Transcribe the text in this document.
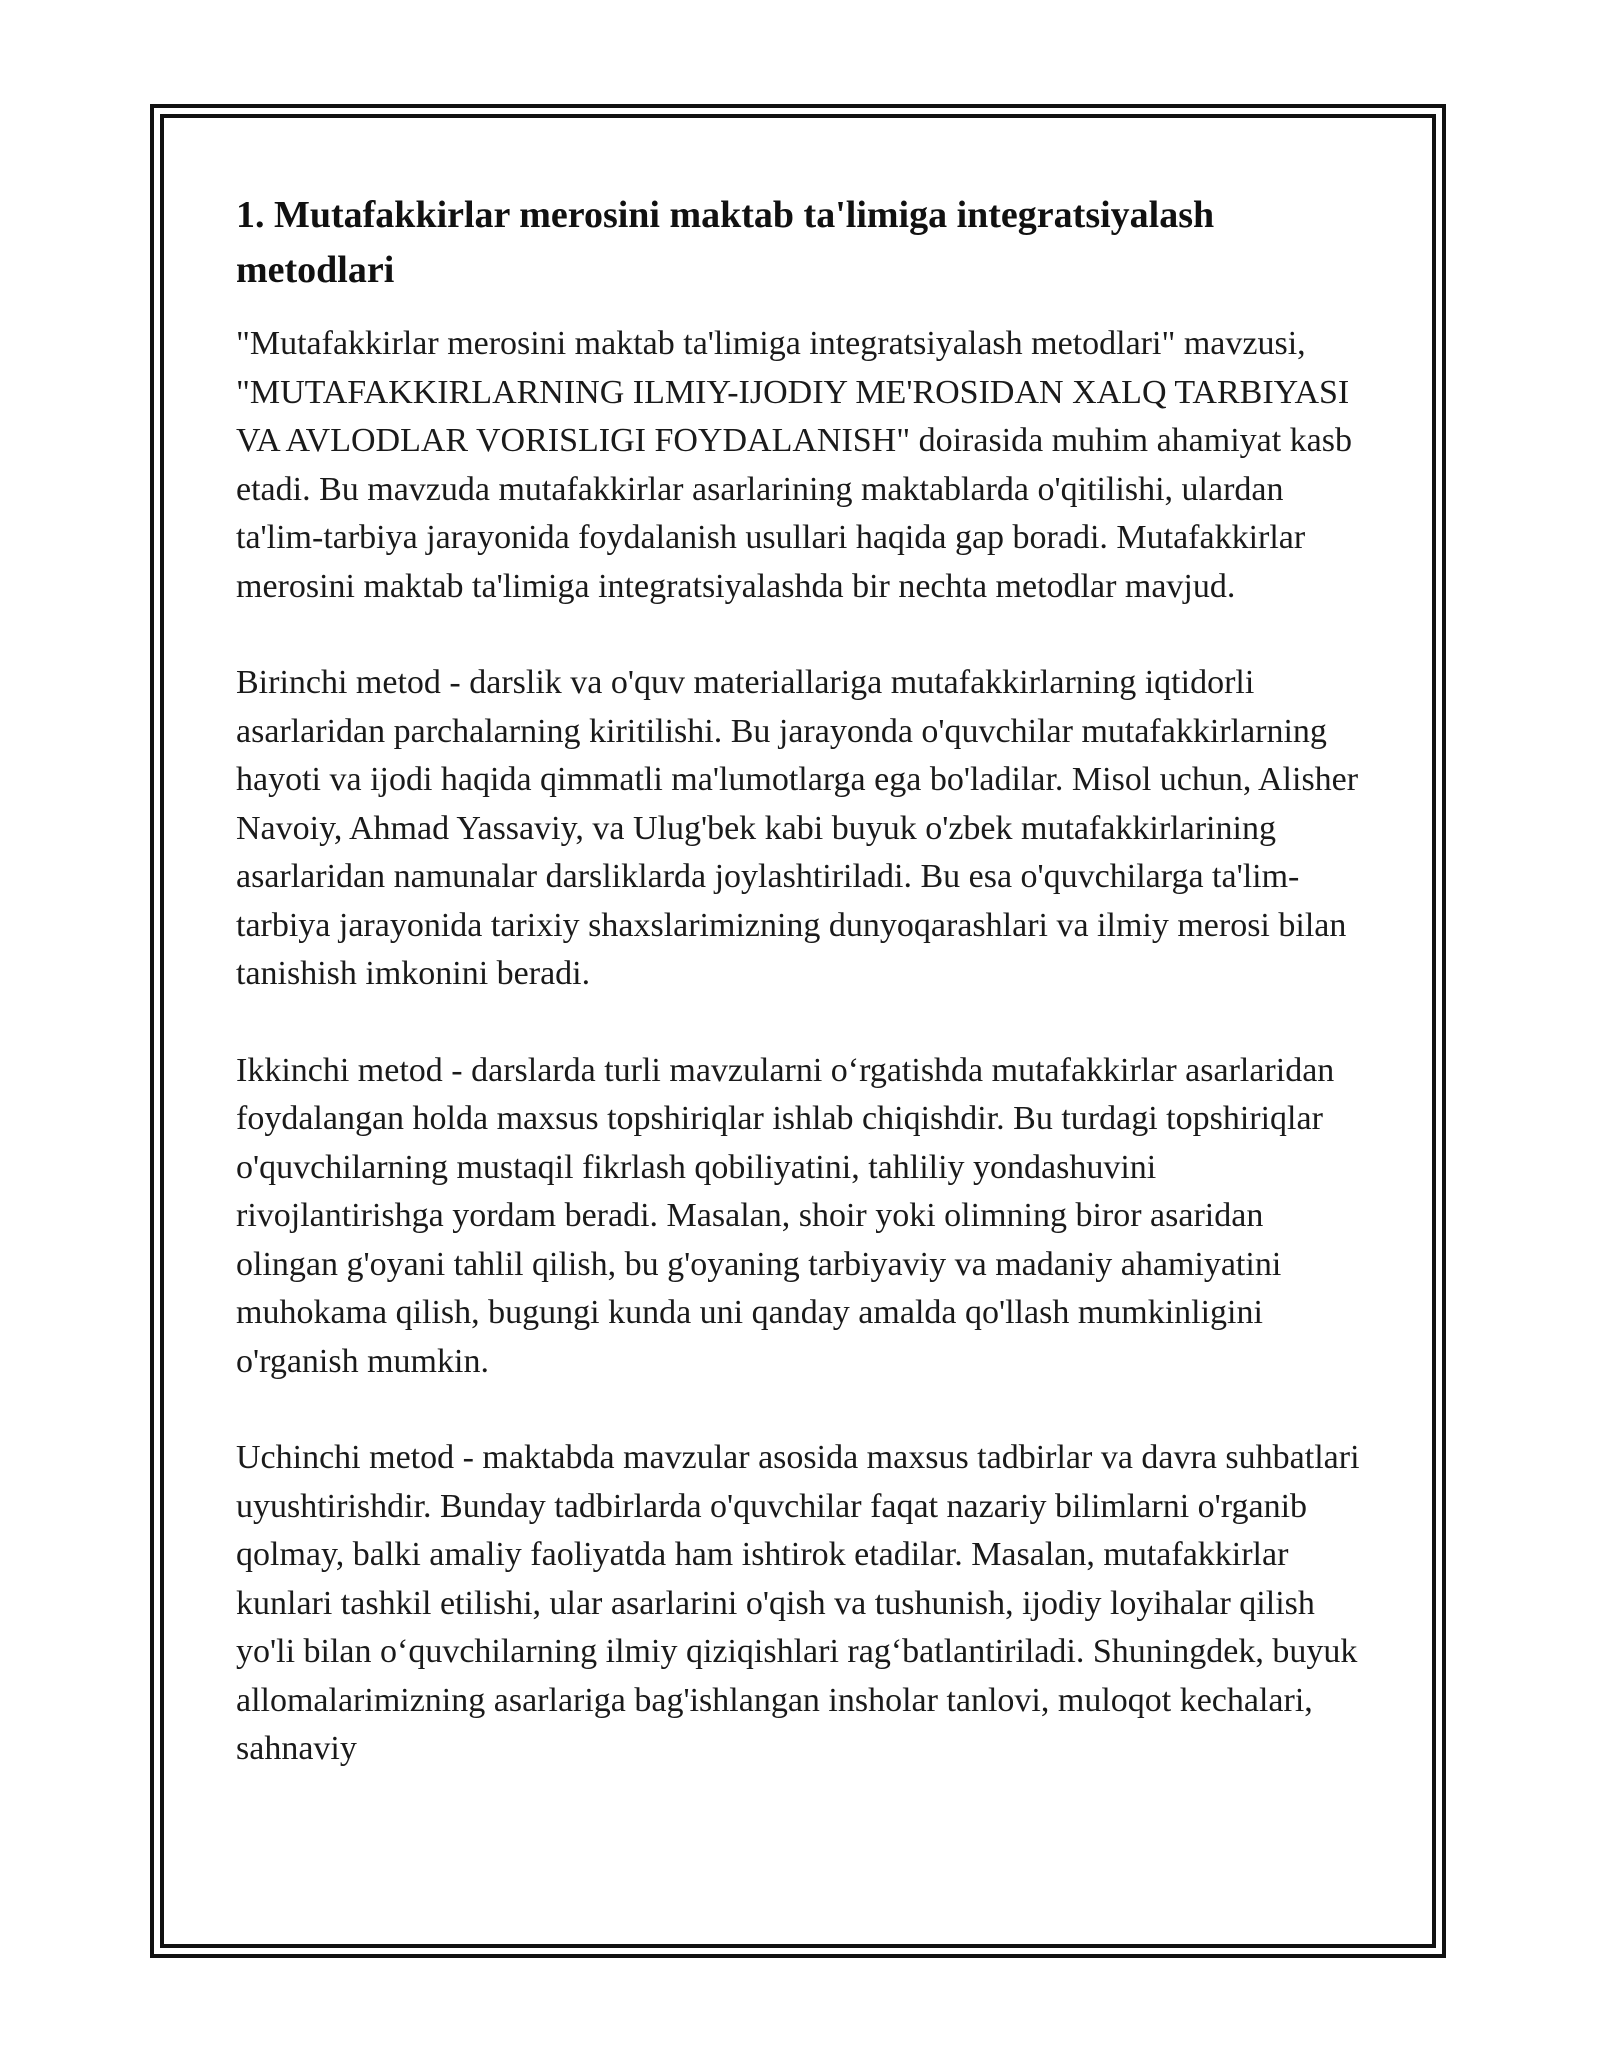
1. Mutafakkirlar merosini maktab ta'limiga integratsiyalash metodlari

"Mutafakkirlar merosini maktab ta'limiga integratsiyalash metodlari" mavzusi, "MUTAFAKKIRLARNING ILMIY-IJODIY ME'ROSIDAN XALQ TARBIYASI VA AVLODLAR VORISLIGI FOYDALANISH" doirasida muhim ahamiyat kasb etadi. Bu mavzuda mutafakkirlar asarlarining maktablarda o'qitilishi, ulardan ta'lim-tarbiya jarayonida foydalanish usullari haqida gap boradi. Mutafakkirlar merosini maktab ta'limiga integratsiyalashda bir nechta metodlar mavjud.

Birinchi metod - darslik va o'quv materiallariga mutafakkirlarning iqtidorli asarlaridan parchalarning kiritilishi. Bu jarayonda o'quvchilar mutafakkirlarning hayoti va ijodi haqida qimmatli ma'lumotlarga ega bo'ladilar. Misol uchun, Alisher Navoiy, Ahmad Yassaviy, va Ulug'bek kabi buyuk o'zbek mutafakkirlarining asarlaridan namunalar darsliklarda joylashtiriladi. Bu esa o'quvchilarga ta'lim-tarbiya jarayonida tarixiy shaxslarimizning dunyoqarashlari va ilmiy merosi bilan tanishish imkonini beradi.

Ikkinchi metod - darslarda turli mavzularni o‘rgatishda mutafakkirlar asarlaridan foydalangan holda maxsus topshiriqlar ishlab chiqishdir. Bu turdagi topshiriqlar o'quvchilarning mustaqil fikrlash qobiliyatini, tahliliy yondashuvini rivojlantirishga yordam beradi. Masalan, shoir yoki olimning biror asaridan olingan g'oyani tahlil qilish, bu g'oyaning tarbiyaviy va madaniy ahamiyatini muhokama qilish, bugungi kunda uni qanday amalda qo'llash mumkinligini o'rganish mumkin.

Uchinchi metod - maktabda mavzular asosida maxsus tadbirlar va davra suhbatlari uyushtirishdir. Bunday tadbirlarda o'quvchilar faqat nazariy bilimlarni o'rganib qolmay, balki amaliy faoliyatda ham ishtirok etadilar. Masalan, mutafakkirlar kunlari tashkil etilishi, ular asarlarini o'qish va tushunish, ijodiy loyihalar qilish yo'li bilan o‘quvchilarning ilmiy qiziqishlari rag‘batlantiriladi. Shuningdek, buyuk allomalarimizning asarlariga bag'ishlangan insholar tanlovi, muloqot kechalari, sahnaviy
